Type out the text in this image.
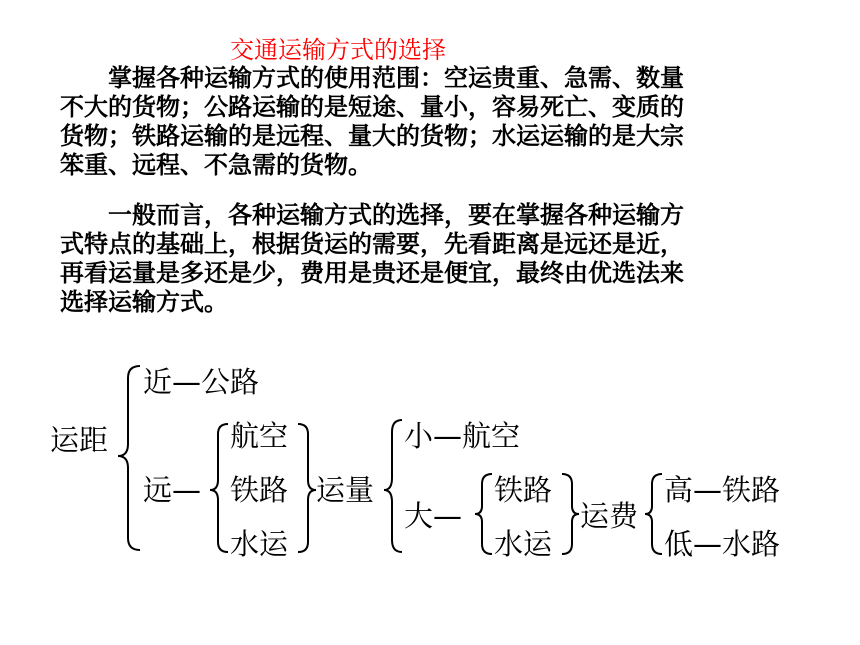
交通运输方式的选择

掌握各种运输方式的使用范围：空运贵重、急需、数量
不大的货物；公路运输的是短途、量小，容易死亡、变质的
货物；铁路运输的是远程、量大的货物；水运运输的是大宗
笨重、远程、不急需的货物。

一般而言，各种运输方式的选择，要在掌握各种运输方
式特点的基础上，根据货运的需要，先看距离是远还是近，
再看运量是多还是少，费用是贵还是便宜，最终由优选法来
选择运输方式。

运距
近—公路
远—
航空
铁路
水运
运量
小—航空
大—
铁路
水运
运费
高—铁路
低—水路
